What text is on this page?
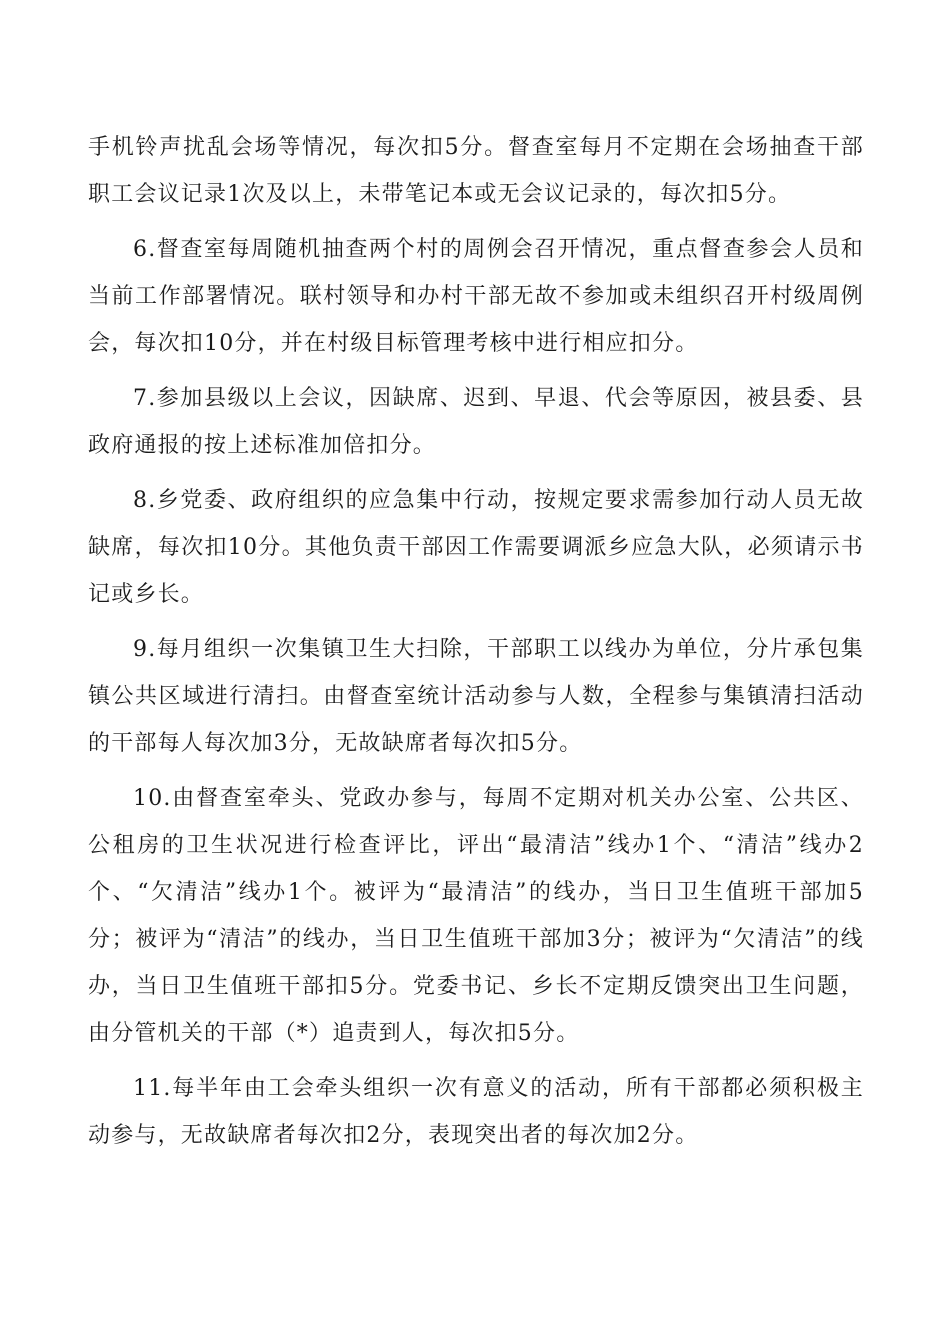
手机铃声扰乱会场等情况，每次扣5分。督查室每月不定期在会场抽查干部职工会议记录1次及以上，未带笔记本或无会议记录的，每次扣5分。

6.督查室每周随机抽查两个村的周例会召开情况，重点督查参会人员和当前工作部署情况。联村领导和办村干部无故不参加或未组织召开村级周例会，每次扣10分，并在村级目标管理考核中进行相应扣分。

7.参加县级以上会议，因缺席、迟到、早退、代会等原因，被县委、县政府通报的按上述标准加倍扣分。

8.乡党委、政府组织的应急集中行动，按规定要求需参加行动人员无故缺席，每次扣10分。其他负责干部因工作需要调派乡应急大队，必须请示书记或乡长。

9.每月组织一次集镇卫生大扫除，干部职工以线办为单位，分片承包集镇公共区域进行清扫。由督查室统计活动参与人数，全程参与集镇清扫活动的干部每人每次加3分，无故缺席者每次扣5分。

10.由督查室牵头、党政办参与，每周不定期对机关办公室、公共区、公租房的卫生状况进行检查评比，评出“最清洁”线办1个、“清洁”线办2个、“欠清洁”线办1个。被评为“最清洁”的线办，当日卫生值班干部加5分；被评为“清洁”的线办，当日卫生值班干部加3分；被评为“欠清洁”的线办，当日卫生值班干部扣5分。党委书记、乡长不定期反馈突出卫生问题，由分管机关的干部（*）追责到人，每次扣5分。

11.每半年由工会牵头组织一次有意义的活动，所有干部都必须积极主动参与，无故缺席者每次扣2分，表现突出者的每次加2分。
